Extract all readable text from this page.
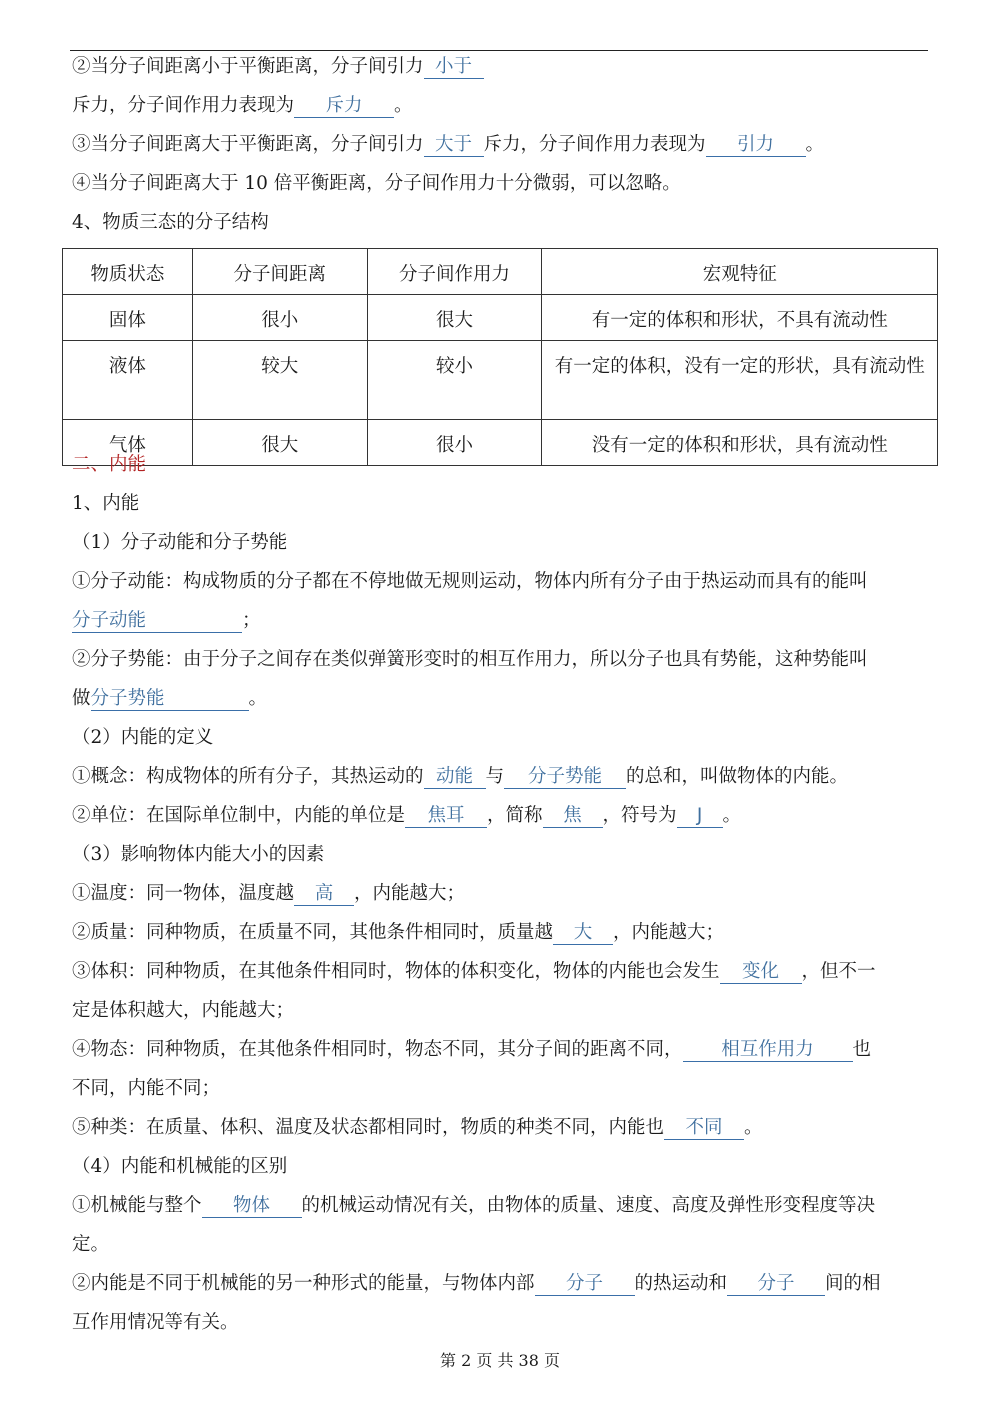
②当分子间距离小于平衡距离，分子间引力 小于
斥力，分子间作用力表现为 斥力 。
③当分子间距离大于平衡距离，分子间引力 大于 斥力，分子间作用力表现为 引力 。
④当分子间距离大于 10 倍平衡距离，分子间作用力十分微弱，可以忽略。
4、物质三态的分子结构
物质状态	分子间距离	分子间作用力	宏观特征
固体	很小	很大	有一定的体积和形状，不具有流动性
液体	较大	较小	有一定的体积，没有一定的形状，具有流动性
气体	很大	很小	没有一定的体积和形状，具有流动性
二、内能
1、内能
（1）分子动能和分子势能
①分子动能：构成物质的分子都在不停地做无规则运动，物体内所有分子由于热运动而具有的能叫
分子动能	；
②分子势能：由于分子之间存在类似弹簧形变时的相互作用力，所以分子也具有势能，这种势能叫
做分子势能	。
（2）内能的定义
①概念：构成物体的所有分子，其热运动的 动能 与 分子势能 的总和，叫做物体的内能。
②单位：在国际单位制中，内能的单位是 焦耳 ，简称 焦 ，符号为 J 。
（3）影响物体内能大小的因素
①温度：同一物体，温度越 高 ，内能越大；
②质量：同种物质，在质量不同，其他条件相同时，质量越 大 ，内能越大；
③体积：同种物质，在其他条件相同时，物体的体积变化，物体的内能也会发生 变化 ，但不一
定是体积越大，内能越大；
④物态：同种物质，在其他条件相同时，物态不同，其分子间的距离不同， 相互作用力 也
不同，内能不同；
⑤种类：在质量、体积、温度及状态都相同时，物质的种类不同，内能也 不同 。
（4）内能和机械能的区别
①机械能与整个 物体 的机械运动情况有关，由物体的质量、速度、高度及弹性形变程度等决
定。
②内能是不同于机械能的另一种形式的能量，与物体内部 分子 的热运动和 分子 间的相
互作用情况等有关。
第 2 页 共 38 页
